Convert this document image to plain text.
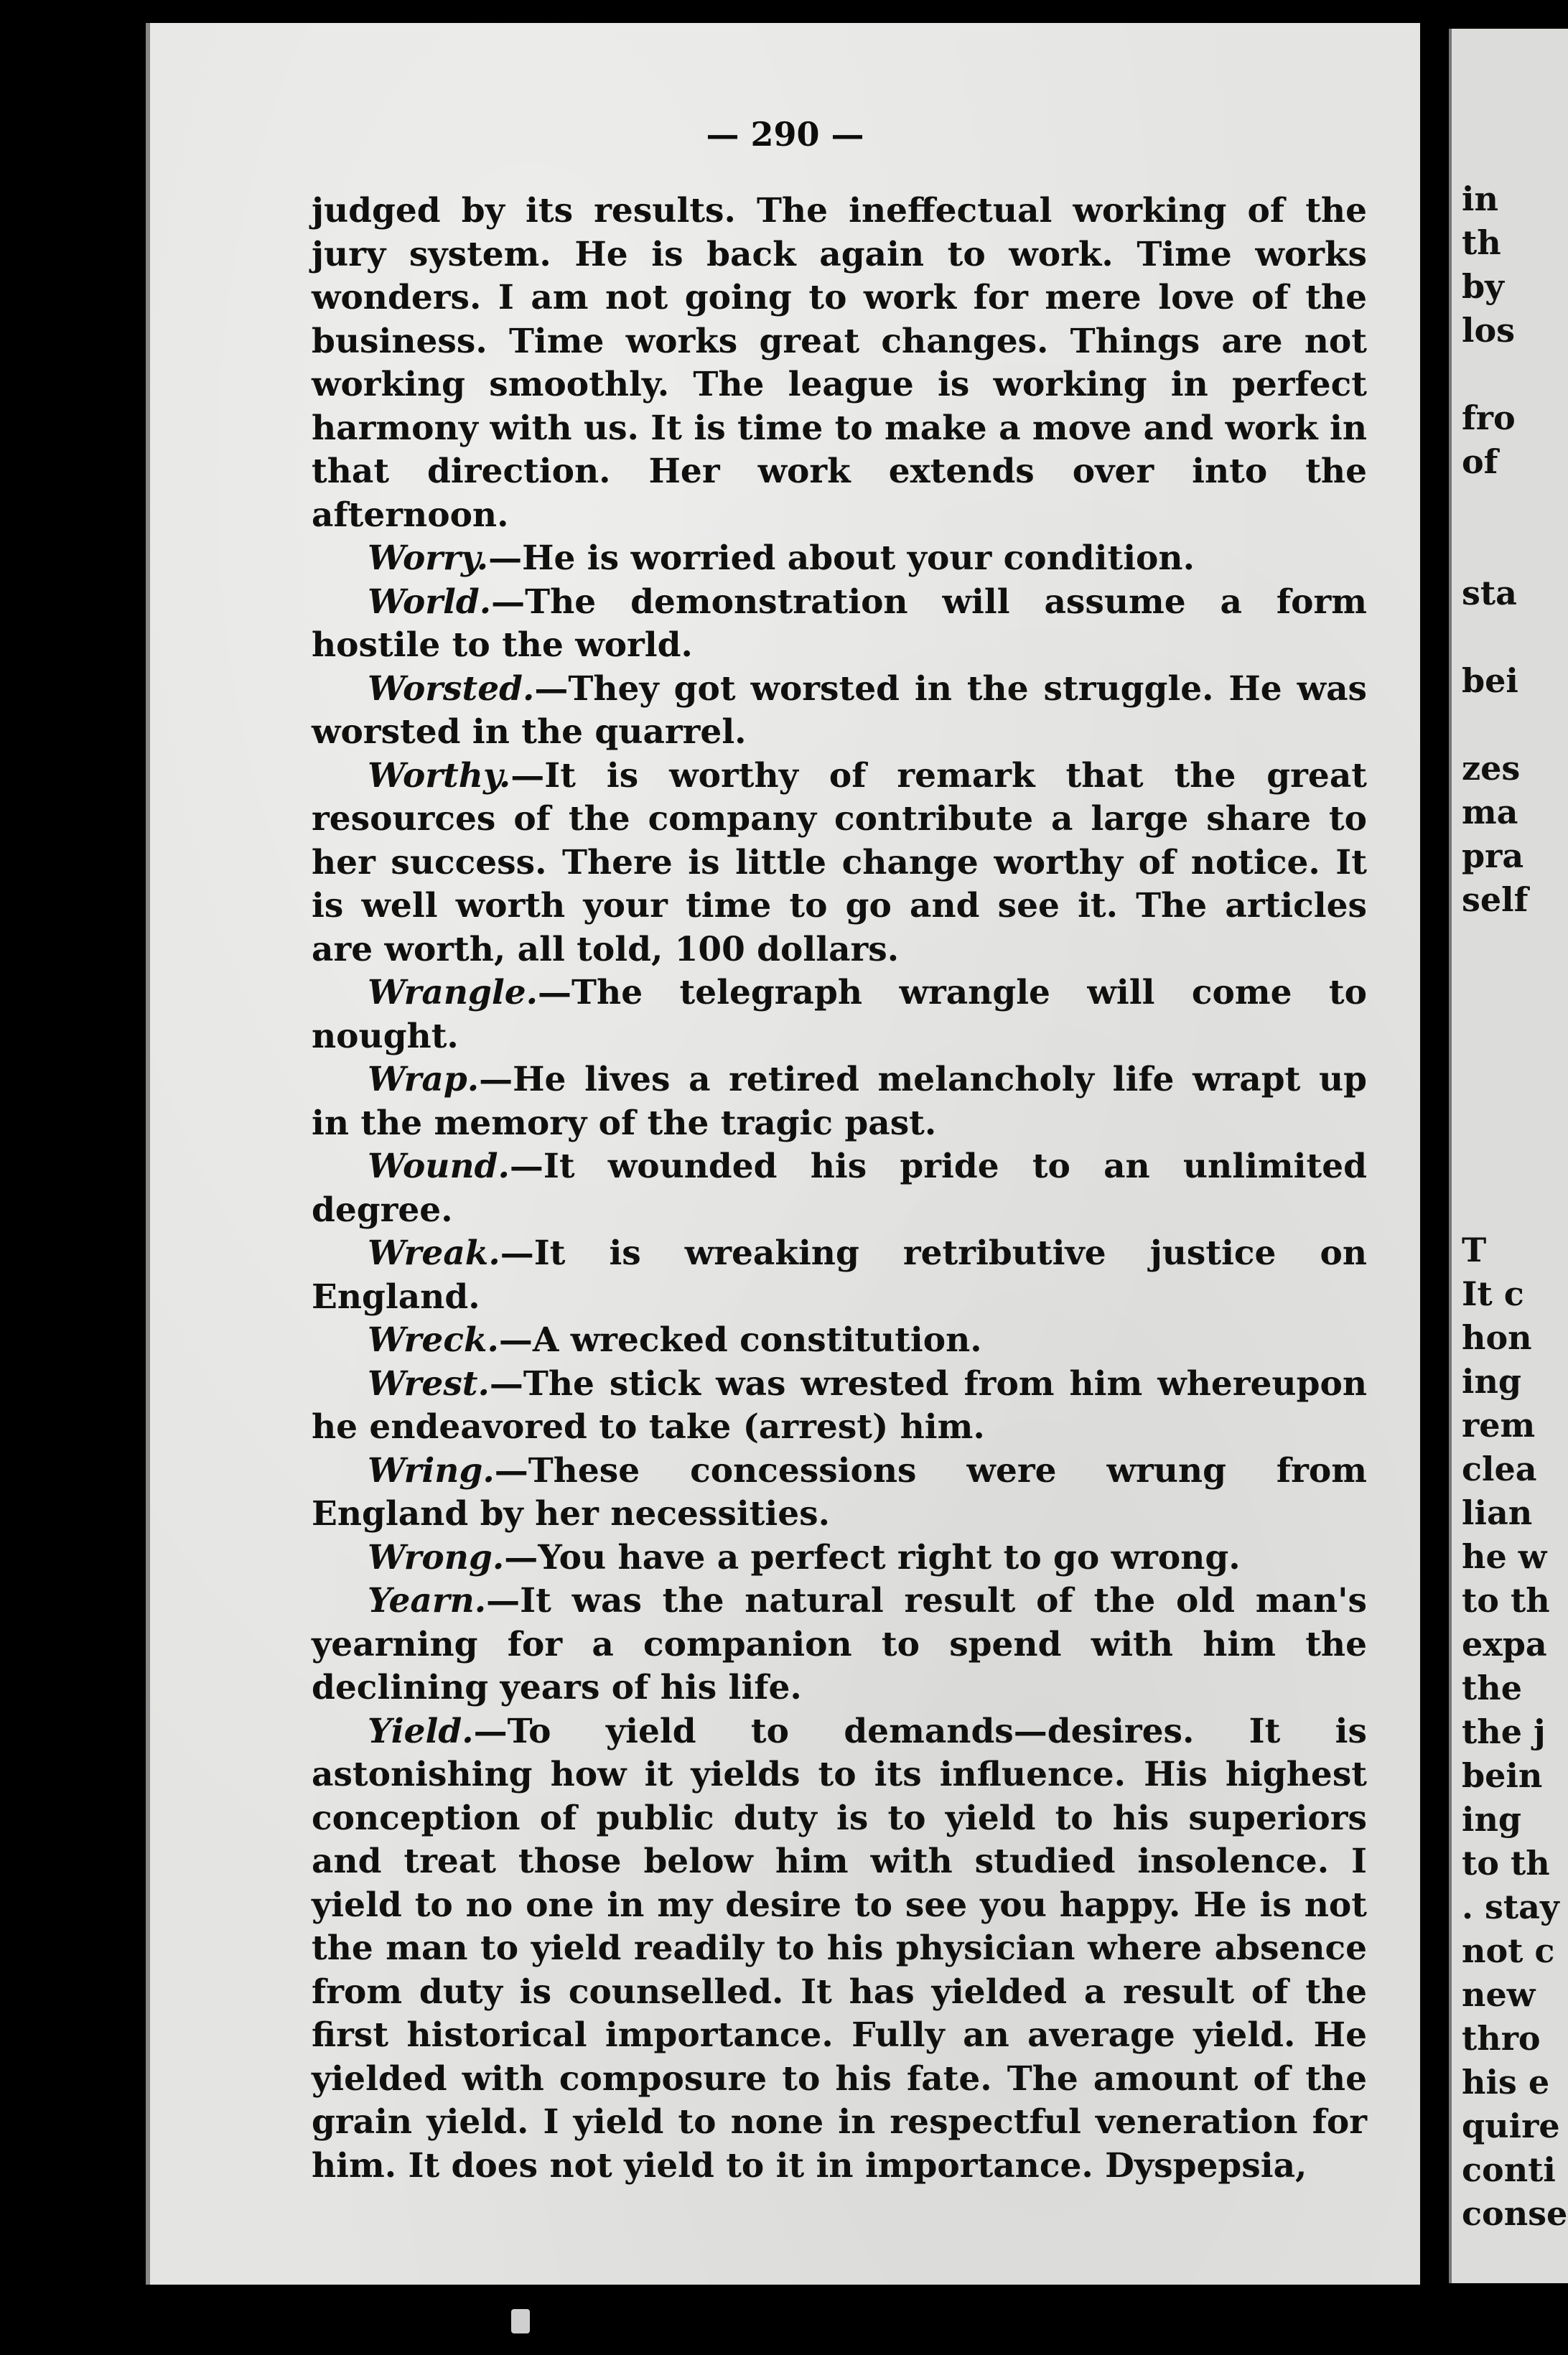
— 290 —

judged by its results. The ineffectual working of the jury system. He is back again to work. Time works wonders. I am not going to work for mere love of the business. Time works great changes. Things are not working smoothly. The league is working in perfect harmony with us. It is time to make a move and work in that direction. Her work extends over into the afternoon.

Worry.—He is worried about your condition.

World.—The demonstration will assume a form hostile to the world.

Worsted.—They got worsted in the struggle. He was worsted in the quarrel.

Worthy.—It is worthy of remark that the great resources of the company contribute a large share to her success. There is little change worthy of notice. It is well worth your time to go and see it. The articles are worth, all told, 100 dollars.

Wrangle.—The telegraph wrangle will come to nought.

Wrap.—He lives a retired melancholy life wrapt up in the memory of the tragic past.

Wound.—It wounded his pride to an unlimited degree.

Wreak.—It is wreaking retributive justice on England.

Wreck.—A wrecked constitution.

Wrest.—The stick was wrested from him whereupon he endeavored to take (arrest) him.

Wring.—These concessions were wrung from England by her necessities.

Wrong.—You have a perfect right to go wrong.

Yearn.—It was the natural result of the old man's yearning for a companion to spend with him the declining years of his life.

Yield.—To yield to demands—desires. It is astonishing how it yields to its influence. His highest conception of public duty is to yield to his superiors and treat those below him with studied insolence. I yield to no one in my desire to see you happy. He is not the man to yield readily to his physician where absence from duty is counselled. It has yielded a result of the first historical importance. Fully an average yield. He yielded with composure to his fate. The amount of the grain yield. I yield to none in respectful veneration for him. It does not yield to it in importance. Dyspepsia,

in
th
by
los
fro
of
sta
bei
zes
ma
pra
self
T
It c
hon
ing
rem
clea
lian
he w
to th
expa
the
the j
bein
ing
to th
. stay
not c
new
thro
his e
quire
conti
conse
